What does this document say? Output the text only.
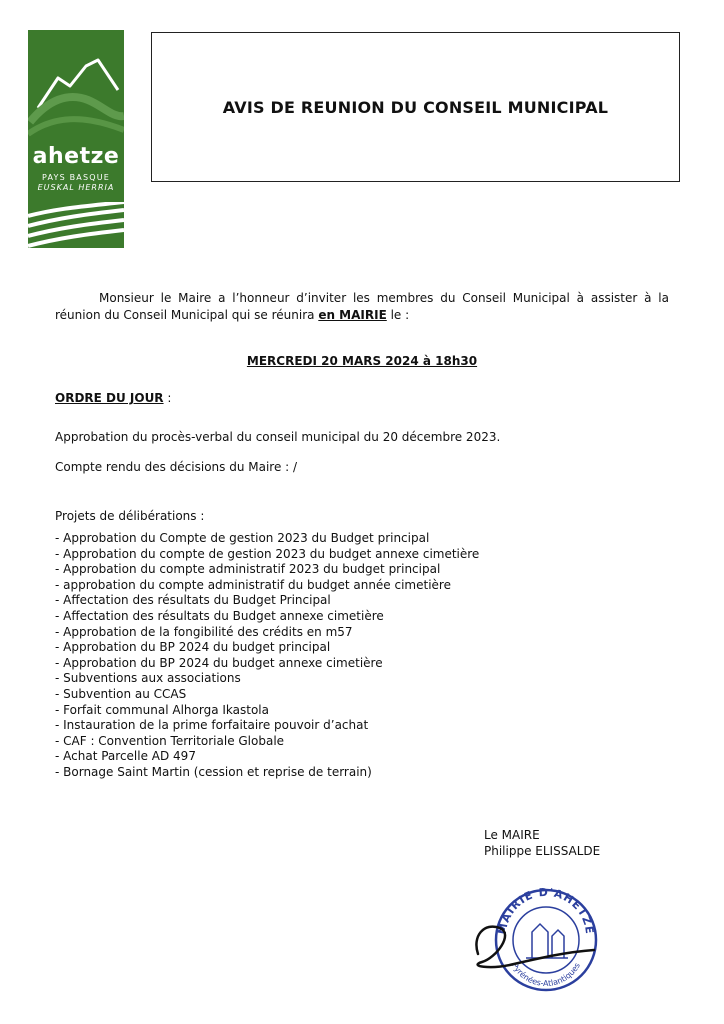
ahetze
PAYS BASQUE
EUSKAL HERRIA
AVIS DE REUNION DU CONSEIL MUNICIPAL
Monsieur le Maire a l’honneur d’inviter les membres du Conseil Municipal à assister à la réunion du Conseil Municipal qui se réunira en MAIRIE le :
MERCREDI 20 MARS 2024 à 18h30
ORDRE DU JOUR :
Approbation du procès-verbal du conseil municipal du 20 décembre 2023.
Compte rendu des décisions du Maire : /
Projets de délibérations :
- Approbation du Compte de gestion 2023 du Budget principal
- Approbation du compte de gestion 2023 du budget annexe cimetière
- Approbation du compte administratif 2023 du budget principal
- approbation du compte administratif du budget année cimetière
- Affectation des résultats du Budget Principal
- Affectation des résultats du Budget annexe cimetière
- Approbation de la fongibilité des crédits en m57
- Approbation du BP 2024 du budget principal
- Approbation du BP 2024 du budget annexe cimetière
- Subventions aux associations
- Subvention au CCAS
- Forfait communal Alhorga Ikastola
- Instauration de la prime forfaitaire pouvoir d’achat
- CAF : Convention Territoriale Globale
- Achat Parcelle AD 497
- Bornage Saint Martin (cession et reprise de terrain)
Le MAIRE
Philippe ELISSALDE
MAIRIE D'AHETZE
Pyrénées-Atlantiques
